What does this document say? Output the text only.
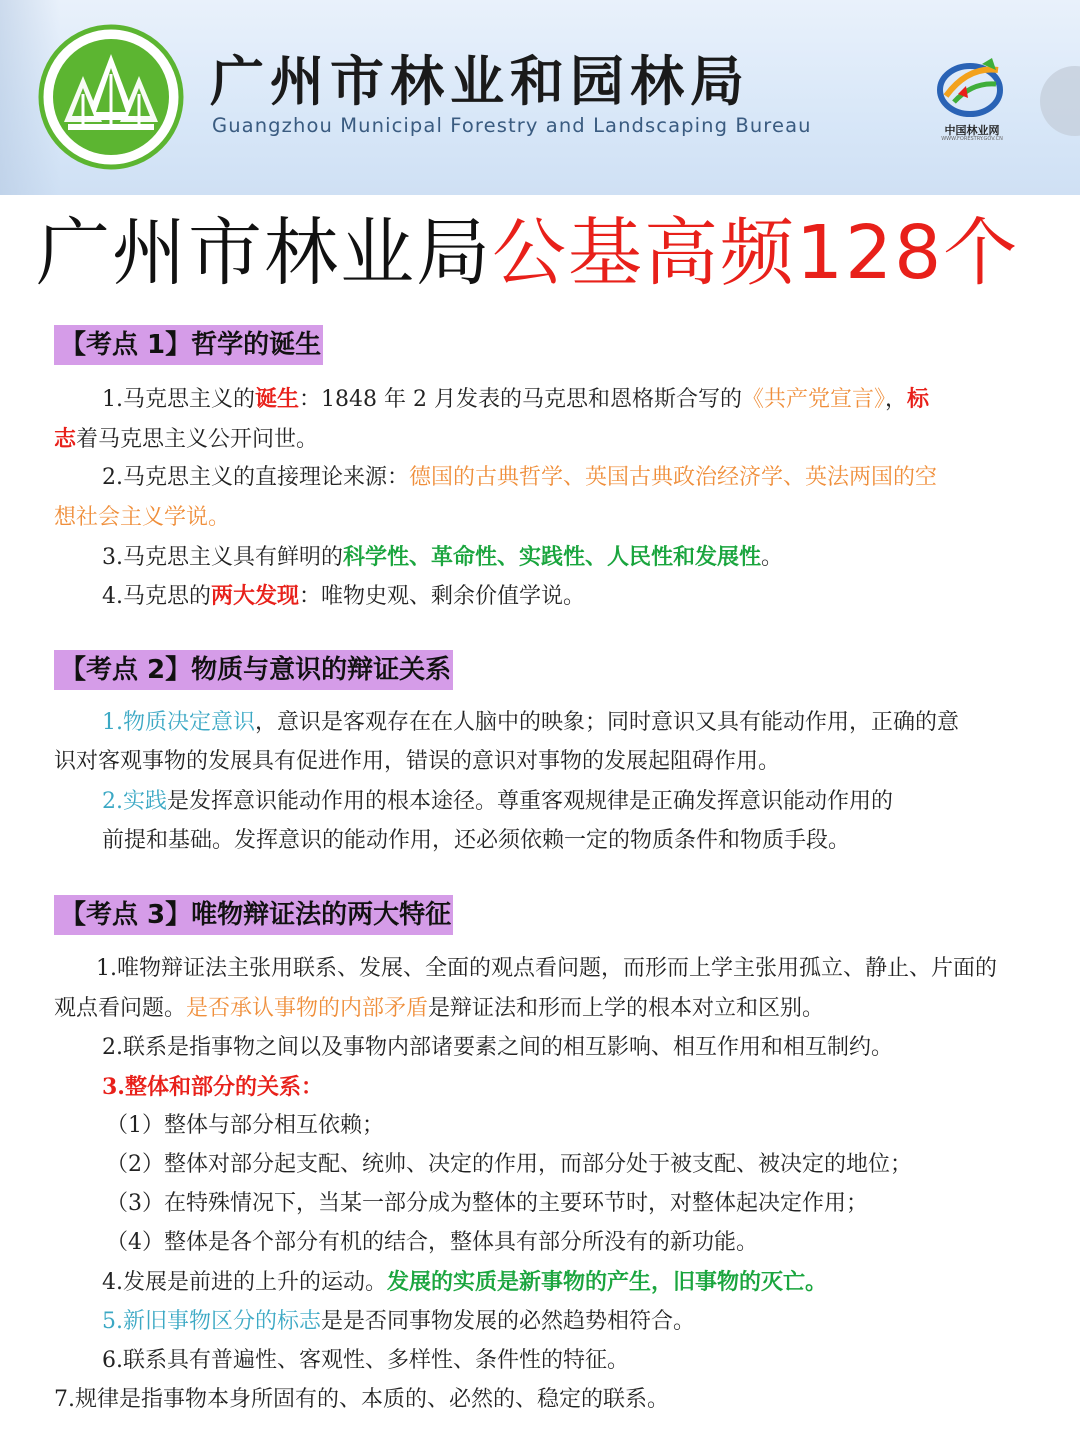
广州市林业和园林局
Guangzhou Municipal Forestry and Landscaping Bureau	中国林业网
WWW.FORESTRY.GOV.CN
广州市林业局公基高频128个
【考点 1】哲学的诞生
1.马克思主义的诞生：1848 年 2 月发表的马克思和恩格斯合写的《共产党宣言》，标
志着马克思主义公开问世。
2.马克思主义的直接理论来源：德国的古典哲学、英国古典政治经济学、英法两国的空
想社会主义学说。
3.马克思主义具有鲜明的科学性、革命性、实践性、人民性和发展性。
4.马克思的两大发现：唯物史观、剩余价值学说。
【考点 2】物质与意识的辩证关系
1.物质决定意识，意识是客观存在在人脑中的映象；同时意识又具有能动作用，正确的意
识对客观事物的发展具有促进作用，错误的意识对事物的发展起阻碍作用。
2.实践是发挥意识能动作用的根本途径。尊重客观规律是正确发挥意识能动作用的
前提和基础。发挥意识的能动作用，还必须依赖一定的物质条件和物质手段。
【考点 3】唯物辩证法的两大特征
1.唯物辩证法主张用联系、发展、全面的观点看问题，而形而上学主张用孤立、静止、片面的
观点看问题。是否承认事物的内部矛盾是辩证法和形而上学的根本对立和区别。
2.联系是指事物之间以及事物内部诸要素之间的相互影响、相互作用和相互制约。
3.整体和部分的关系：
（1）整体与部分相互依赖；
（2）整体对部分起支配、统帅、决定的作用，而部分处于被支配、被决定的地位；
（3）在特殊情况下，当某一部分成为整体的主要环节时，对整体起决定作用；
（4）整体是各个部分有机的结合，整体具有部分所没有的新功能。
4.发展是前进的上升的运动。发展的实质是新事物的产生，旧事物的灭亡。
5.新旧事物区分的标志是是否同事物发展的必然趋势相符合。
6.联系具有普遍性、客观性、多样性、条件性的特征。
7.规律是指事物本身所固有的、本质的、必然的、稳定的联系。
